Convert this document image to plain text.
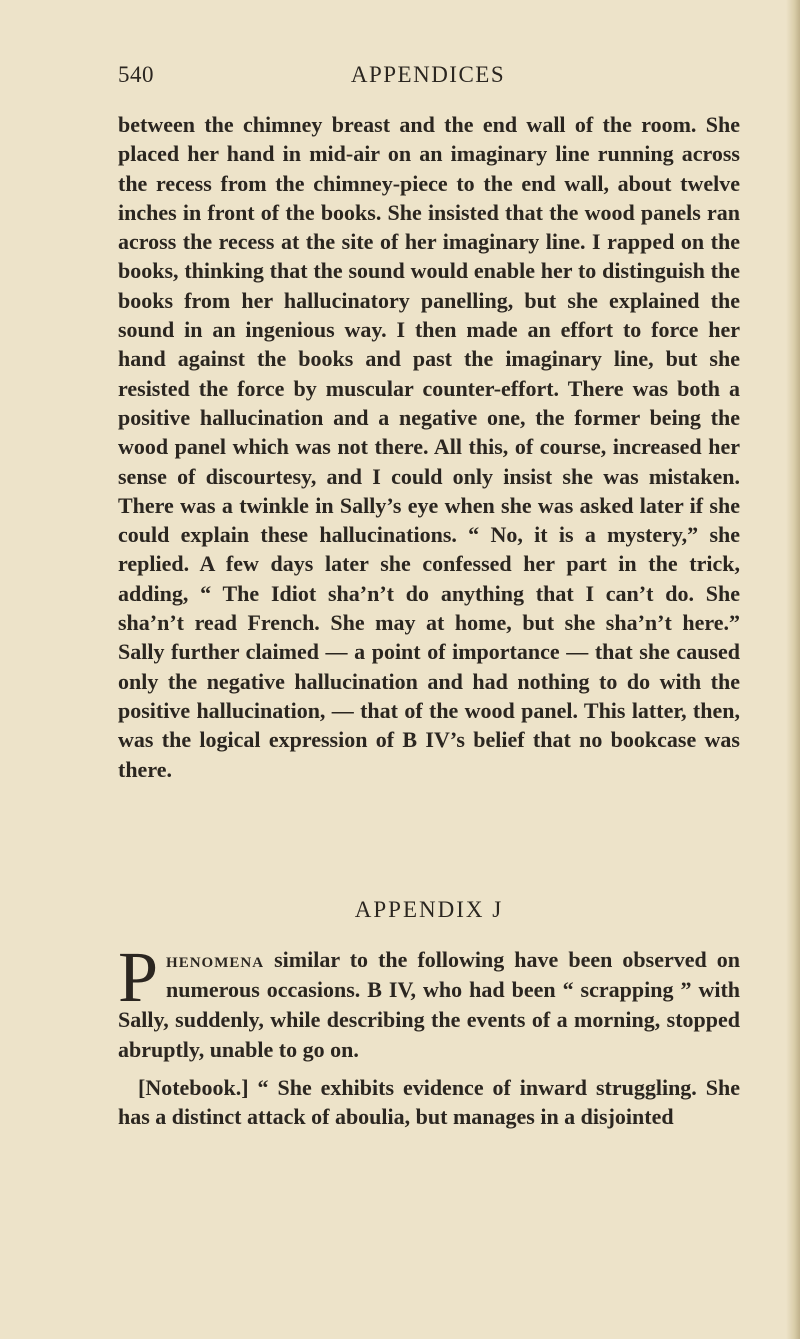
APPENDICES
540

between the chimney breast and the end wall of the room. She placed her hand in mid-air on an imaginary line running across the recess from the chimney-piece to the end wall, about twelve inches in front of the books. She insisted that the wood panels ran across the recess at the site of her imaginary line. I rapped on the books, thinking that the sound would enable her to distinguish the books from her hallucinatory panelling, but she explained the sound in an ingenious way. I then made an effort to force her hand against the books and past the imaginary line, but she resisted the force by muscular counter-effort. There was both a positive hallucination and a negative one, the former being the wood panel which was not there. All this, of course, increased her sense of discourtesy, and I could only insist she was mistaken. There was a twinkle in Sally’s eye when she was asked later if she could explain these hallucinations. “ No, it is a mystery,” she replied. A few days later she confessed her part in the trick, adding, “ The Idiot sha’n’t do anything that I can’t do. She sha’n’t read French. She may at home, but she sha’n’t here.” Sally further claimed — a point of importance — that she caused only the negative hallucination and had nothing to do with the positive hallucination, — that of the wood panel. This latter, then, was the logical expression of B IV’s belief that no bookcase was there.

APPENDIX J

Phenomena similar to the following have been observed on numerous occasions. B IV, who had been “ scrapping ” with Sally, suddenly, while describing the events of a morning, stopped abruptly, unable to go on.

[Notebook.] “ She exhibits evidence of inward struggling. She has a distinct attack of aboulia, but manages in a disjointed
